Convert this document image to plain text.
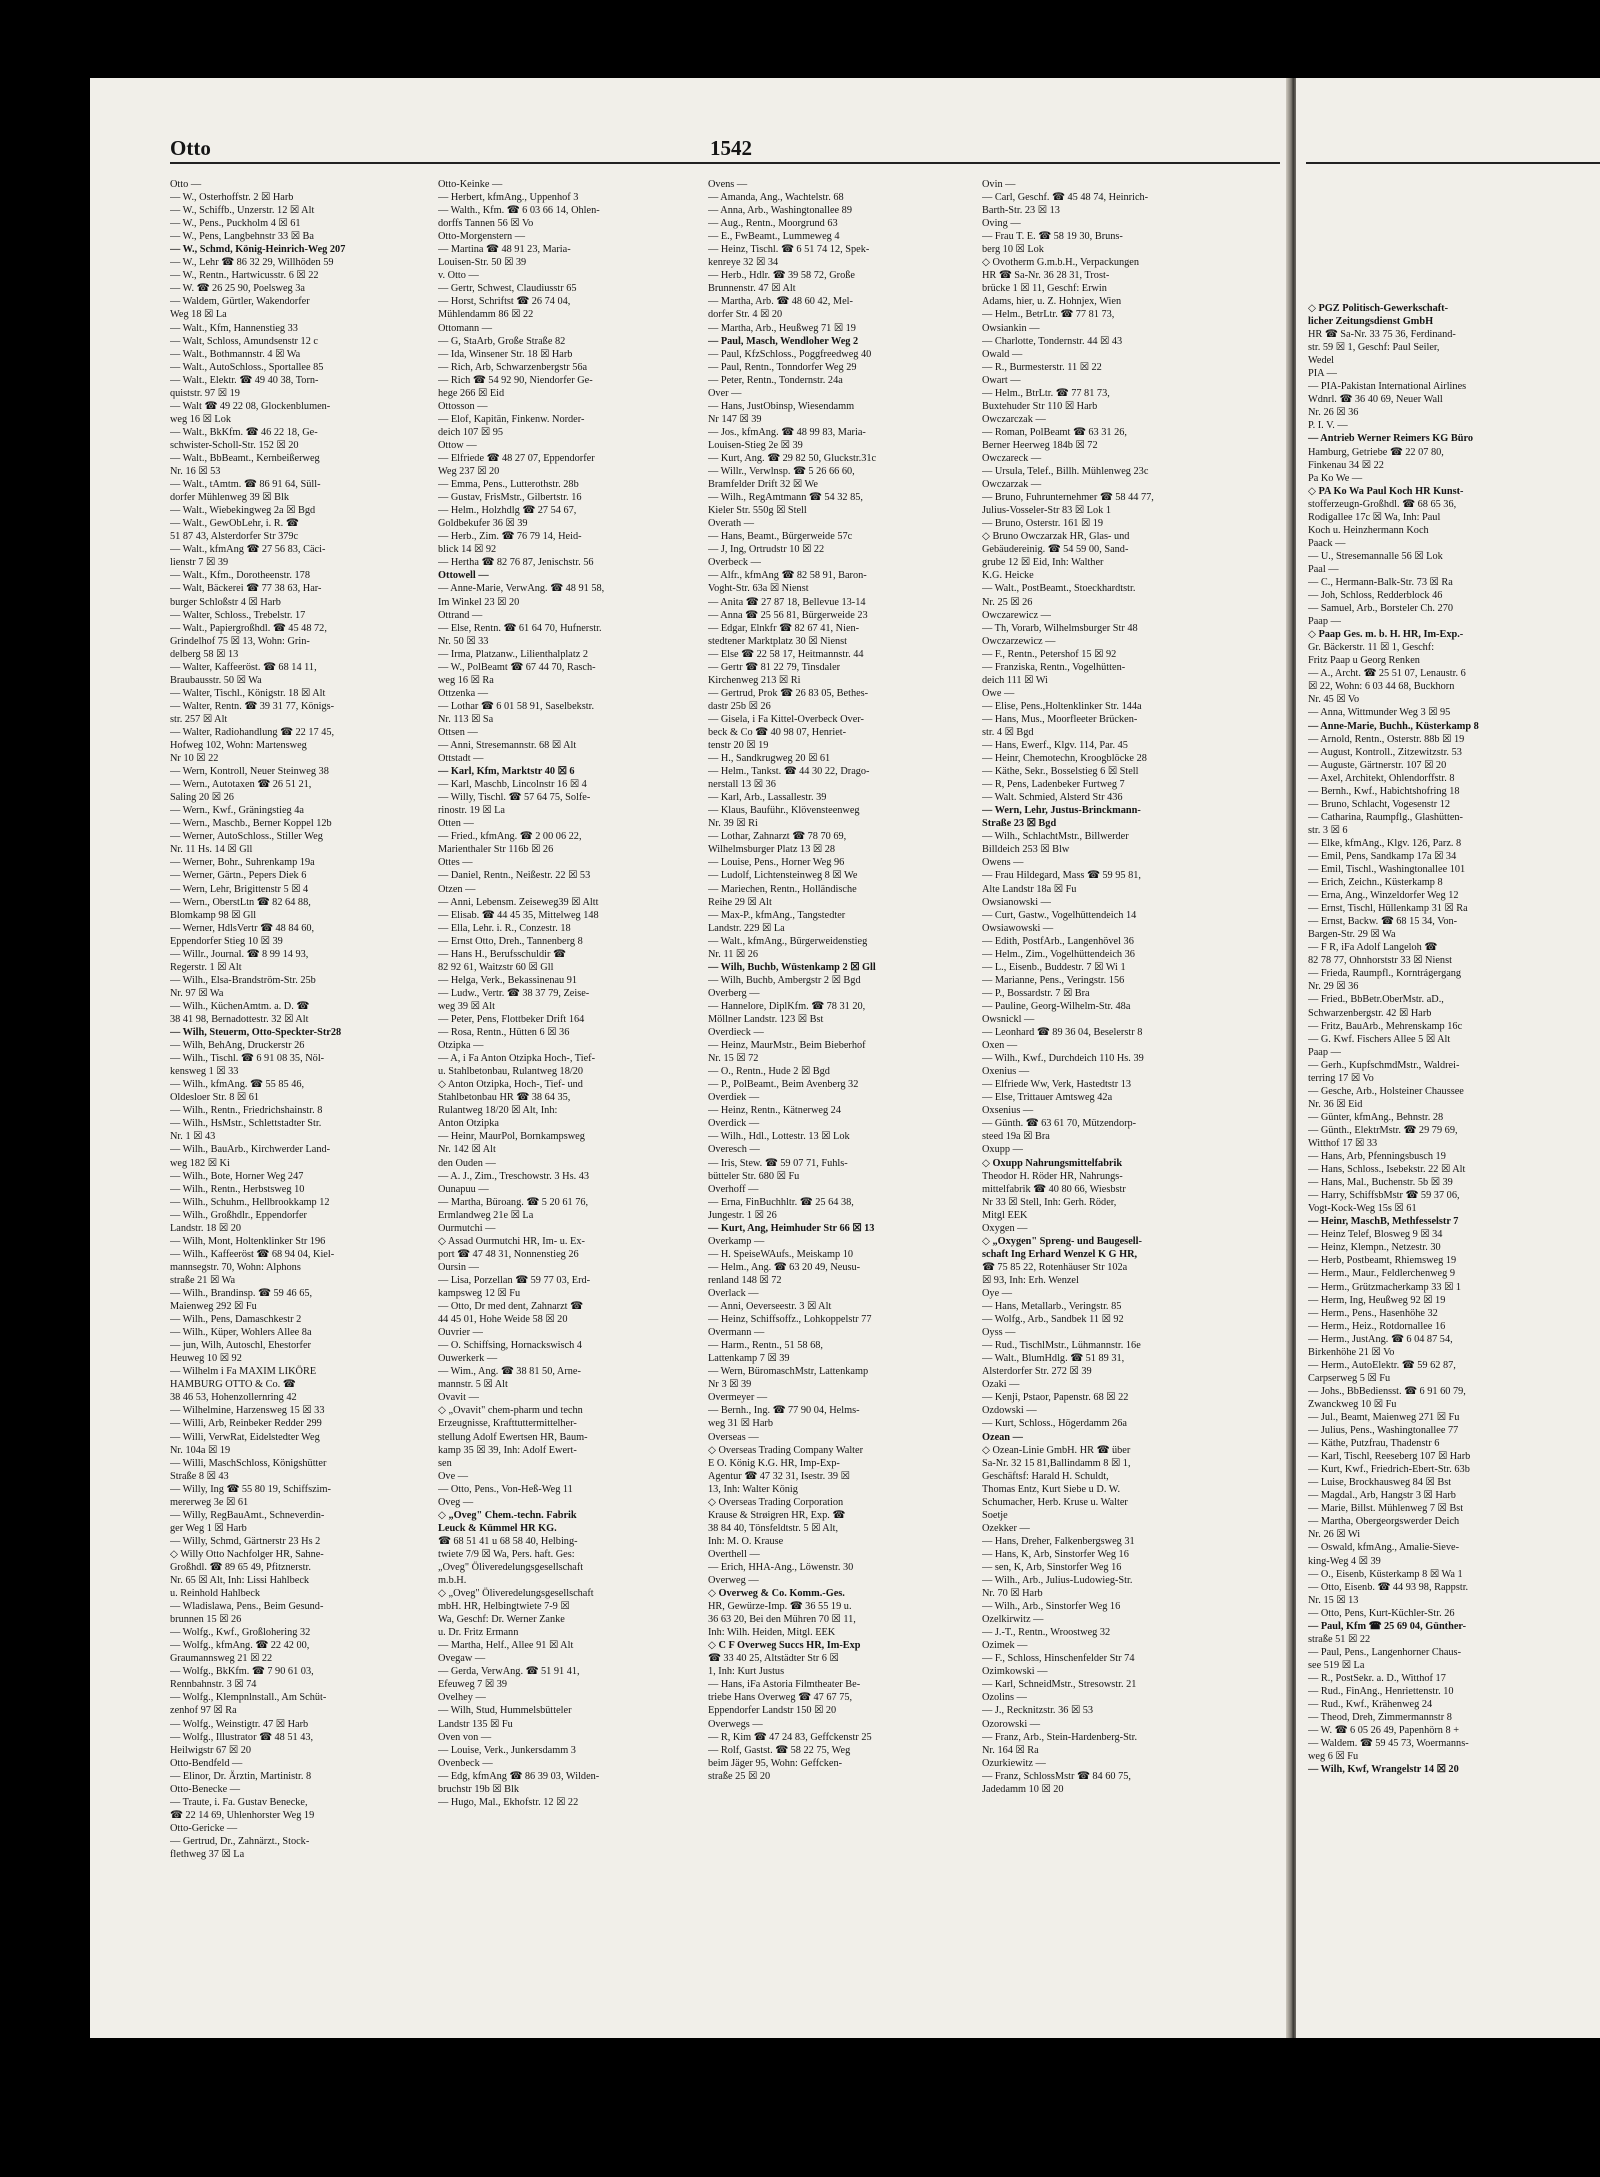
Otto	1542
Otto —
— W., Osterhoffstr. 2 ☒ Harb
— W., Schiffb., Unzerstr. 12 ☒ Alt
— W., Pens., Puckholm 4 ☒ 61
— W., Pens, Langbehnstr 33 ☒ Ba
— W., Schmd, König-Heinrich-Weg 207
— W., Lehr ☎ 86 32 29, Willhöden 59
— W., Rentn., Hartwicusstr. 6 ☒ 22
— W. ☎ 26 25 90, Poelsweg 3a
— Waldem, Gürtler, Wakendorfer
Weg 18 ☒ La
— Walt., Kfm, Hannenstieg 33
— Walt, Schloss, Amundsenstr 12 c
— Walt., Bothmannstr. 4 ☒ Wa
— Walt., AutoSchloss., Sportallee 85
— Walt., Elektr. ☎ 49 40 38, Torn-
quiststr. 97 ☒ 19
— Walt ☎ 49 22 08, Glockenblumen-
weg 16 ☒ Lok
— Walt., BkKfm. ☎ 46 22 18, Ge-
schwister-Scholl-Str. 152 ☒ 20
— Walt., BbBeamt., Kernbeißerweg
Nr. 16 ☒ 53
— Walt., tAmtm. ☎ 86 91 64, Süll-
dorfer Mühlenweg 39 ☒ Blk
— Walt., Wiebekingweg 2a ☒ Bgd
— Walt., GewObLehr, i. R. ☎
51 87 43, Alsterdorfer Str 379c
— Walt., kfmAng ☎ 27 56 83, Cäci-
lienstr 7 ☒ 39
— Walt., Kfm., Dorotheenstr. 178
— Walt, Bäckerei ☎ 77 38 63, Har-
burger Schloßstr 4 ☒ Harb
— Walter, Schloss., Trebelstr. 17
— Walt., Papiergroßhdl. ☎ 45 48 72,
Grindelhof 75 ☒ 13, Wohn: Grin-
delberg 58 ☒ 13
— Walter, Kaffeeröst. ☎ 68 14 11,
Braubausstr. 50 ☒ Wa
— Walter, Tischl., Königstr. 18 ☒ Alt
— Walter, Rentn. ☎ 39 31 77, Königs-
str. 257 ☒ Alt
— Walter, Radiohandlung ☎ 22 17 45,
Hofweg 102, Wohn: Martensweg
Nr 10 ☒ 22
— Wern, Kontroll, Neuer Steinweg 38
— Wern., Autotaxen ☎ 26 51 21,
Saling 20 ☒ 26
— Wern., Kwf., Gräningstieg 4a
— Wern., Maschb., Berner Koppel 12b
— Werner, AutoSchloss., Stiller Weg
Nr. 11 Hs. 14 ☒ Gll
— Werner, Bohr., Suhrenkamp 19a
— Werner, Gärtn., Pepers Diek 6
— Wern, Lehr, Brigittenstr 5 ☒ 4
— Wern., OberstLtn ☎ 82 64 88,
Blomkamp 98 ☒ Gll
— Werner, HdlsVertr ☎ 48 84 60,
Eppendorfer Stieg 10 ☒ 39
— Willr., Journal. ☎ 8 99 14 93,
Regerstr. 1 ☒ Alt
— Wilh., Elsa-Brandström-Str. 25b
Nr. 97 ☒ Wa
— Wilh., KüchenAmtm. a. D. ☎
38 41 98, Bernadottestr. 32 ☒ Alt
— Wilh, Steuerm, Otto-Speckter-Str28
— Wilh, BehAng, Druckerstr 26
— Wilh., Tischl. ☎ 6 91 08 35, Nöl-
kensweg 1 ☒ 33
— Wilh., kfmAng. ☎ 55 85 46,
Oldesloer Str. 8 ☒ 61
— Wilh., Rentn., Friedrichshainstr. 8
— Wilh., HsMstr., Schlettstadter Str.
Nr. 1 ☒ 43
— Wilh., BauArb., Kirchwerder Land-
weg 182 ☒ Ki
— Wilh., Bote, Horner Weg 247
— Wilh., Rentn., Herbstsweg 10
— Wilh., Schuhm., Hellbrookkamp 12
— Wilh., Großhdlr., Eppendorfer
Landstr. 18 ☒ 20
— Wilh, Mont, Holtenklinker Str 196
— Wilh., Kaffeeröst ☎ 68 94 04, Kiel-
mannsegstr. 70, Wohn: Alphons
straße 21 ☒ Wa
— Wilh., Brandinsp. ☎ 59 46 65,
Maienweg 292 ☒ Fu
— Wilh., Pens, Damaschkestr 2
— Wilh., Küper, Wohlers Allee 8a
— jun, Wilh, Autoschl, Ehestorfer
Heuweg 10 ☒ 92
— Wilhelm i Fa MAXIM LIKÖRE
HAMBURG OTTO & Co. ☎
38 46 53, Hohenzollernring 42
— Wilhelmine, Harzensweg 15 ☒ 33
— Willi, Arb, Reinbeker Redder 299
— Willi, VerwRat, Eidelstedter Weg
Nr. 104a ☒ 19
— Willi, MaschSchloss, Königshütter
Straße 8 ☒ 43
— Willy, Ing ☎ 55 80 19, Schiffszim-
mererweg 3e ☒ 61
— Willy, RegBauAmt., Schneverdin-
ger Weg 1 ☒ Harb
— Willy, Schmd, Gärtnerstr 23 Hs 2
◇ Willy Otto Nachfolger HR, Sahne-
Großhdl. ☎ 89 65 49, Pfitznerstr.
Nr. 65 ☒ Alt, Inh: Lissi Hahlbeck
u. Reinhold Hahlbeck
— Wladislawa, Pens., Beim Gesund-
brunnen 15 ☒ 26
— Wolfg., Kwf., Großlohering 32
— Wolfg., kfmAng. ☎ 22 42 00,
Graumannsweg 21 ☒ 22
— Wolfg., BkKfm. ☎ 7 90 61 03,
Rennbahnstr. 3 ☒ 74
— Wolfg., Klempnlnstall., Am Schüt-
zenhof 97 ☒ Ra
— Wolfg., Weinstigtr. 47 ☒ Harb
— Wolfg., Illustrator ☎ 48 51 43,
Heilwigstr 67 ☒ 20
Otto-Bendfeld —
— Elinor, Dr. Ärztin, Martinistr. 8
Otto-Benecke —
— Traute, i. Fa. Gustav Benecke,
☎ 22 14 69, Uhlenhorster Weg 19
Otto-Gericke —
— Gertrud, Dr., Zahnärzt., Stock-
flethweg 37 ☒ La
Otto-Keinke —
— Herbert, kfmAng., Uppenhof 3
— Walth., Kfm. ☎ 6 03 66 14, Ohlen-
dorffs Tannen 56 ☒ Vo
Otto-Morgenstern —
— Martina ☎ 48 91 23, Maria-
Louisen-Str. 50 ☒ 39
v. Otto —
— Gertr, Schwest, Claudiusstr 65
— Horst, Schriftst ☎ 26 74 04,
Mühlendamm 86 ☒ 22
Ottomann —
— G, StaArb, Große Straße 82
— Ida, Winsener Str. 18 ☒ Harb
— Rich, Arb, Schwarzenbergstr 56a
— Rich ☎ 54 92 90, Niendorfer Ge-
hege 266 ☒ Eid
Ottosson —
— Elof, Kapitän, Finkenw. Norder-
deich 107 ☒ 95
Ottow —
— Elfriede ☎ 48 27 07, Eppendorfer
Weg 237 ☒ 20
— Emma, Pens., Lutterothstr. 28b
— Gustav, FrisMstr., Gilbertstr. 16
— Helm., Holzhdlg ☎ 27 54 67,
Goldbekufer 36 ☒ 39
— Herb., Zim. ☎ 76 79 14, Heid-
blick 14 ☒ 92
— Hertha ☎ 82 76 87, Jenischstr. 56
Ottowell —
— Anne-Marie, VerwAng. ☎ 48 91 58,
Im Winkel 23 ☒ 20
Ottrand —
— Else, Rentn. ☎ 61 64 70, Hufnerstr.
Nr. 50 ☒ 33
— Irma, Platzanw., Lilienthalplatz 2
— W., PolBeamt ☎ 67 44 70, Rasch-
weg 16 ☒ Ra
Ottzenka —
— Lothar ☎ 6 01 58 91, Saselbekstr.
Nr. 113 ☒ Sa
Ottsen —
— Anni, Stresemannstr. 68 ☒ Alt
Ottstadt —
— Karl, Kfm, Marktstr 40 ☒ 6
— Karl, Maschb, Lincolnstr 16 ☒ 4
— Willy, Tischl. ☎ 57 64 75, Solfe-
rinostr. 19 ☒ La
Otten —
— Fried., kfmAng. ☎ 2 00 06 22,
Marienthaler Str 116b ☒ 26
Ottes —
— Daniel, Rentn., Neißestr. 22 ☒ 53
Otzen —
— Anni, Lebensm. Zeiseweg39 ☒ Altt
— Elisab. ☎ 44 45 35, Mittelweg 148
— Ella, Lehr. i. R., Conzestr. 18
— Ernst Otto, Dreh., Tannenberg 8
— Hans H., Berufsschuldir ☎
82 92 61, Waitzstr 60 ☒ Gll
— Helga, Verk., Bekassinenau 91
— Ludw., Vertr. ☎ 38 37 79, Zeise-
weg 39 ☒ Alt
— Peter, Pens, Flottbeker Drift 164
— Rosa, Rentn., Hütten 6 ☒ 36
Otzipka —
— A, i Fa Anton Otzipka Hoch-, Tief-
u. Stahlbetonbau, Rulantweg 18/20
◇ Anton Otzipka, Hoch-, Tief- und
Stahlbetonbau HR ☎ 38 64 35,
Rulantweg 18/20 ☒ Alt, Inh:
Anton Otzipka
— Heinr, MaurPol, Bornkampsweg
Nr. 142 ☒ Alt
den Ouden —
— A. J., Zim., Treschowstr. 3 Hs. 43
Ounapuu —
— Martha, Büroang. ☎ 5 20 61 76,
Ermlandweg 21e ☒ La
Ourmutchi —
◇ Assad Ourmutchi HR, Im- u. Ex-
port ☎ 47 48 31, Nonnenstieg 26
Oursin —
— Lisa, Porzellan ☎ 59 77 03, Erd-
kampsweg 12 ☒ Fu
— Otto, Dr med dent, Zahnarzt ☎
44 45 01, Hohe Weide 58 ☒ 20
Ouvrier —
— O. Schiffsing, Hornackswisch 4
Ouwerkerk —
— Wim., Ang. ☎ 38 81 50, Arne-
mannstr. 5 ☒ Alt
Ovavit —
◇ „Ovavit" chem-pharm und techn
Erzeugnisse, Krafttuttermittelher-
stellung Adolf Ewertsen HR, Baum-
kamp 35 ☒ 39, Inh: Adolf Ewert-
sen
Ove —
— Otto, Pens., Von-Heß-Weg 11
Oveg —
◇ „Oveg" Chem.-techn. Fabrik
Leuck & Kümmel HR KG.
☎ 68 51 41 u 68 58 40, Helbing-
twiete 7/9 ☒ Wa, Pers. haft. Ges:
„Oveg" Öliveredelungsgesellschaft
m.b.H.
◇ „Oveg" Öliveredelungsgesellschaft
mbH. HR, Helbingtwiete 7-9 ☒
Wa, Geschf: Dr. Werner Zanke
u. Dr. Fritz Ermann
— Martha, Helf., Allee 91 ☒ Alt
Ovegaw —
— Gerda, VerwAng. ☎ 51 91 41,
Efeuweg 7 ☒ 39
Ovelhey —
— Wilh, Stud, Hummelsbütteler
Landstr 135 ☒ Fu
Oven von —
— Louise, Verk., Junkersdamm 3
Ovenbeck —
— Edg, kfmAng ☎ 86 39 03, Wilden-
bruchstr 19b ☒ Blk
— Hugo, Mal., Ekhofstr. 12 ☒ 22
Ovens —
— Amanda, Ang., Wachtelstr. 68
— Anna, Arb., Washingtonallee 89
— Aug., Rentn., Moorgrund 63
— E., FwBeamt., Lummeweg 4
— Heinz, Tischl. ☎ 6 51 74 12, Spek-
kenreye 32 ☒ 34
— Herb., Hdlr. ☎ 39 58 72, Große
Brunnenstr. 47 ☒ Alt
— Martha, Arb. ☎ 48 60 42, Mel-
dorfer Str. 4 ☒ 20
— Martha, Arb., Heußweg 71 ☒ 19
— Paul, Masch, Wendloher Weg 2
— Paul, KfzSchloss., Poggfreedweg 40
— Paul, Rentn., Tonndorfer Weg 29
— Peter, Rentn., Tondernstr. 24a
Over —
— Hans, JustObinsp, Wiesendamm
Nr 147 ☒ 39
— Jos., kfmAng. ☎ 48 99 83, Maria-
Louisen-Stieg 2e ☒ 39
— Kurt, Ang. ☎ 29 82 50, Gluckstr.31c
— Willr., Verwlnsp. ☎ 5 26 66 60,
Bramfelder Drift 32 ☒ We
— Wilh., RegAmtmann ☎ 54 32 85,
Kieler Str. 550g ☒ Stell
Overath —
— Hans, Beamt., Bürgerweide 57c
— J, Ing, Ortrudstr 10 ☒ 22
Overbeck —
— Alfr., kfmAng ☎ 82 58 91, Baron-
Voght-Str. 63a ☒ Nienst
— Anita ☎ 27 87 18, Bellevue 13-14
— Anna ☎ 25 56 81, Bürgerweide 23
— Edgar, Elnkfr ☎ 82 67 41, Nien-
stedtener Marktplatz 30 ☒ Nienst
— Else ☎ 22 58 17, Heitmannstr. 44
— Gertr ☎ 81 22 79, Tinsdaler
Kirchenweg 213 ☒ Ri
— Gertrud, Prok ☎ 26 83 05, Bethes-
dastr 25b ☒ 26
— Gisela, i Fa Kittel-Overbeck Over-
beck & Co ☎ 40 98 07, Henriet-
tenstr 20 ☒ 19
— H., Sandkrugweg 20 ☒ 61
— Helm., Tankst. ☎ 44 30 22, Drago-
nerstall 13 ☒ 36
— Karl, Arb., Lassallestr. 39
— Klaus, Bauführ., Klövensteenweg
Nr. 39 ☒ Ri
— Lothar, Zahnarzt ☎ 78 70 69,
Wilhelmsburger Platz 13 ☒ 28
— Louise, Pens., Horner Weg 96
— Ludolf, Lichtensteinweg 8 ☒ We
— Mariechen, Rentn., Holländische
Reihe 29 ☒ Alt
— Max-P., kfmAng., Tangstedter
Landstr. 229 ☒ La
— Walt., kfmAng., Bürgerweidenstieg
Nr. 11 ☒ 26
— Wilh, Buchb, Wüstenkamp 2 ☒ Gll
— Wilh, Buchb, Ambergstr 2 ☒ Bgd
Overberg —
— Hannelore, DiplKfm. ☎ 78 31 20,
Möllner Landstr. 123 ☒ Bst
Overdieck —
— Heinz, MaurMstr., Beim Bieberhof
Nr. 15 ☒ 72
— O., Rentn., Hude 2 ☒ Bgd
— P., PolBeamt., Beim Avenberg 32
Overdiek —
— Heinz, Rentn., Kätnerweg 24
Overdick —
— Wilh., Hdl., Lottestr. 13 ☒ Lok
Overesch —
— Iris, Stew. ☎ 59 07 71, Fuhls-
bütteler Str. 680 ☒ Fu
Overhoff —
— Erna, FinBuchhltr. ☎ 25 64 38,
Jungestr. 1 ☒ 26
— Kurt, Ang, Heimhuder Str 66 ☒ 13
Overkamp —
— H. SpeiseWAufs., Meiskamp 10
— Helm., Ang. ☎ 63 20 49, Neusu-
renland 148 ☒ 72
Overlack —
— Anni, Oeverseestr. 3 ☒ Alt
— Heinz, Schiffsoffz., Lohkoppelstr 77
Overmann —
— Harm., Rentn., 51 58 68,
Lattenkamp 7 ☒ 39
— Wern, BüromaschMstr, Lattenkamp
Nr 3 ☒ 39
Overmeyer —
— Bernh., Ing. ☎ 77 90 04, Helms-
weg 31 ☒ Harb
Overseas —
◇ Overseas Trading Company Walter
E O. König K.G. HR, Imp-Exp-
Agentur ☎ 47 32 31, Isestr. 39 ☒
13, Inh: Walter König
◇ Overseas Trading Corporation
Krause & Strøigren HR, Exp. ☎
38 84 40, Tönsfeldtstr. 5 ☒ Alt,
Inh: M. O. Krause
Overthell —
— Erich, HHA-Ang., Löwenstr. 30
Overweg —
◇ Overweg & Co. Komm.-Ges.
HR, Gewürze-Imp. ☎ 36 55 19 u.
36 63 20, Bei den Mühren 70 ☒ 11,
Inh: Wilh. Heiden, Mitgl. EEK
◇ C F Overweg Succs HR, Im-Exp
☎ 33 40 25, Altstädter Str 6 ☒
1, Inh: Kurt Justus
— Hans, iFa Astoria Filmtheater Be-
triebe Hans Overweg ☎ 47 67 75,
Eppendorfer Landstr 150 ☒ 20
Overwegs —
— R, Kim ☎ 47 24 83, Geffckenstr 25
— Rolf, Gastst. ☎ 58 22 75, Weg
beim Jäger 95, Wohn: Geffcken-
straße 25 ☒ 20
Ovin —
— Carl, Geschf. ☎ 45 48 74, Heinrich-
Barth-Str. 23 ☒ 13
Oving —
— Frau T. E. ☎ 58 19 30, Bruns-
berg 10 ☒ Lok
◇ Ovotherm G.m.b.H., Verpackungen
HR ☎ Sa-Nr. 36 28 31, Trost-
brücke 1 ☒ 11, Geschf: Erwin
Adams, hier, u. Z. Hohnjex, Wien
— Helm., BetrLtr. ☎ 77 81 73,
Owsiankin —
— Charlotte, Tondernstr. 44 ☒ 43
Owald —
— R., Burmesterstr. 11 ☒ 22
Owart —
— Helm., BtrLtr. ☎ 77 81 73,
Buxtehuder Str 110 ☒ Harb
Owczarczak —
— Roman, PolBeamt ☎ 63 31 26,
Berner Heerweg 184b ☒ 72
Owczareck —
— Ursula, Telef., Billh. Mühlenweg 23c
Owczarzak —
— Bruno, Fuhrunternehmer ☎ 58 44 77,
Julius-Vosseler-Str 83 ☒ Lok 1
— Bruno, Osterstr. 161 ☒ 19
◇ Bruno Owczarzak HR, Glas- und
Gebäudereinig. ☎ 54 59 00, Sand-
grube 12 ☒ Eid, Inh: Walther
K.G. Heicke
— Walt., PostBeamt., Stoeckhardtstr.
Nr. 25 ☒ 26
Owczarewicz —
— Th, Vorarb, Wilhelmsburger Str 48
Owczarzewicz —
— F., Rentn., Petershof 15 ☒ 92
— Franziska, Rentn., Vogelhütten-
deich 111 ☒ Wi
Owe —
— Elise, Pens.,Holtenklinker Str. 144a
— Hans, Mus., Moorfleeter Brücken-
str. 4 ☒ Bgd
— Hans, Ewerf., Klgv. 114, Par. 45
— Heinr, Chemotechn, Kroogblöcke 28
— Käthe, Sekr., Bosselstieg 6 ☒ Stell
— R, Pens, Ladenbeker Furtweg 7
— Walt. Schmied, Alsterd Str 436
— Wern, Lehr, Justus-Brinckmann-
Straße 23 ☒ Bgd
— Wilh., SchlachtMstr., Billwerder
Billdeich 253 ☒ Blw
Owens —
— Frau Hildegard, Mass ☎ 59 95 81,
Alte Landstr 18a ☒ Fu
Owsianowski —
— Curt, Gastw., Vogelhüttendeich 14
Owsiawowski —
— Edith, PostfArb., Langenhövel 36
— Helm., Zim., Vogelhüttendeich 36
— L., Eisenb., Buddestr. 7 ☒ Wi 1
— Marianne, Pens., Veringstr. 156
— P., Bossardstr. 7 ☒ Bra
— Pauline, Georg-Wilhelm-Str. 48a
Owsnickl —
— Leonhard ☎ 89 36 04, Beselerstr 8
Oxen —
— Wilh., Kwf., Durchdeich 110 Hs. 39
Oxenius —
— Elfriede Ww, Verk, Hastedtstr 13
— Else, Trittauer Amtsweg 42a
Oxsenius —
— Günth. ☎ 63 61 70, Mützendorp-
steed 19a ☒ Bra
Oxupp —
◇ Oxupp Nahrungsmittelfabrik
Theodor H. Röder HR, Nahrungs-
mittelfabrik ☎ 40 80 66, Wiesbstr
Nr 33 ☒ Stell, Inh: Gerh. Röder,
Mitgl EEK
Oxygen —
◇ „Oxygen" Spreng- und Baugesell-
schaft Ing Erhard Wenzel K G HR,
☎ 75 85 22, Rotenhäuser Str 102a
☒ 93, Inh: Erh. Wenzel
Oye —
— Hans, Metallarb., Veringstr. 85
— Wolfg., Arb., Sandbek 11 ☒ 92
Oyss —
— Rud., TischlMstr., Lühmannstr. 16e
— Walt., BlumHdlg. ☎ 51 89 31,
Alsterdorfer Str. 272 ☒ 39
Ozaki —
— Kenji, Pstaor, Papenstr. 68 ☒ 22
Ozdowski —
— Kurt, Schloss., Högerdamm 26a
Ozean —
◇ Ozean-Linie GmbH. HR ☎ über
Sa-Nr. 32 15 81,Ballindamm 8 ☒ 1,
Geschäftsf: Harald H. Schuldt,
Thomas Entz, Kurt Siebe u D. W.
Schumacher, Herb. Kruse u. Walter
Soetje
Ozekker —
— Hans, Dreher, Falkenbergsweg 31
— Hans, K, Arb, Sinstorfer Weg 16
— sen, K, Arb, Sinstorfer Weg 16
— Wilh., Arb., Julius-Ludowieg-Str.
Nr. 70 ☒ Harb
— Wilh., Arb., Sinstorfer Weg 16
Ozelkirwitz —
— J.-T., Rentn., Wroostweg 32
Ozimek —
— F., Schloss, Hinschenfelder Str 74
Ozimkowski —
— Karl, SchneidMstr., Stresowstr. 21
Ozolins —
— J., Recknitzstr. 36 ☒ 53
Ozorowski —
— Franz, Arb., Stein-Hardenberg-Str.
Nr. 164 ☒ Ra
Ozurkiewitz —
— Franz, SchlossMstr ☎ 84 60 75,
Jadedamm 10 ☒ 20
◇ PGZ Politisch-Gewerkschaft-
licher Zeitungsdienst GmbH
HR ☎ Sa-Nr. 33 75 36, Ferdinand-
str. 59 ☒ 1, Geschf: Paul Seiler,
Wedel
PIA —
— PIA-Pakistan International Airlines
Wdnrl. ☎ 36 40 69, Neuer Wall
Nr. 26 ☒ 36
P. I. V. —
— Antrieb Werner Reimers KG Büro
Hamburg, Getriebe ☎ 22 07 80,
Finkenau 34 ☒ 22
Pa Ko We —
◇ PA Ko Wa Paul Koch HR Kunst-
stofferzeugn-Großhdl. ☎ 68 65 36,
Rodigallee 17c ☒ Wa, Inh: Paul
Koch u. Heinzhermann Koch
Paack —
— U., Stresemannalle 56 ☒ Lok
Paal —
— C., Hermann-Balk-Str. 73 ☒ Ra
— Joh, Schloss, Redderblock 46
— Samuel, Arb., Borsteler Ch. 270
Paap —
◇ Paap Ges. m. b. H. HR, Im-Exp.-
Gr. Bäckerstr. 11 ☒ 1, Geschf:
Fritz Paap u Georg Renken
— A., Archt. ☎ 25 51 07, Lenaustr. 6
☒ 22, Wohn: 6 03 44 68, Buckhorn
Nr. 45 ☒ Vo
— Anna, Wittmunder Weg 3 ☒ 95
— Anne-Marie, Buchh., Küsterkamp 8
— Arnold, Rentn., Osterstr. 88b ☒ 19
— August, Kontroll., Zitzewitzstr. 53
— Auguste, Gärtnerstr. 107 ☒ 20
— Axel, Architekt, Ohlendorffstr. 8
— Bernh., Kwf., Habichtshofring 18
— Bruno, Schlacht, Vogesenstr 12
— Catharina, Raumpflg., Glashütten-
str. 3 ☒ 6
— Elke, kfmAng., Klgv. 126, Parz. 8
— Emil, Pens, Sandkamp 17a ☒ 34
— Emil, Tischl., Washingtonallee 101
— Erich, Zeichn., Küsterkamp 8
— Erna, Ang., Winzeldorfer Weg 12
— Ernst, Tischl, Hüllenkamp 31 ☒ Ra
— Ernst, Backw. ☎ 68 15 34, Von-
Bargen-Str. 29 ☒ Wa
— F R, iFa Adolf Langeloh ☎
82 78 77, Ohnhorststr 33 ☒ Nienst
— Frieda, Raumpfl., Korntrágergang
Nr. 29 ☒ 36
— Fried., BbBetr.OberMstr. aD.,
Schwarzenbergstr. 42 ☒ Harb
— Fritz, BauArb., Mehrenskamp 16c
— G. Kwf. Fischers Allee 5 ☒ Alt
Paap —
— Gerh., KupfschmdMstr., Waldrei-
terring 17 ☒ Vo
— Gesche, Arb., Holsteiner Chaussee
Nr. 36 ☒ Eid
— Günter, kfmAng., Behnstr. 28
— Günth., ElektrMstr. ☎ 29 79 69,
Witthof 17 ☒ 33
— Hans, Arb, Pfenningsbusch 19
— Hans, Schloss., Isebekstr. 22 ☒ Alt
— Hans, Mal., Buchenstr. 5b ☒ 39
— Harry, SchiffsbMstr ☎ 59 37 06,
Vogt-Kock-Weg 15s ☒ 61
— Heinr, MaschB, Methfesselstr 7
— Heinz Telef, Blosweg 9 ☒ 34
— Heinz, Klempn., Netzestr. 30
— Herb, Postbeamt, Rhiemsweg 19
— Herm., Maur., Feldlerchenweg 9
— Herm., Grützmacherkamp 33 ☒ 1
— Herm, Ing, Heußweg 92 ☒ 19
— Herm., Pens., Hasenhöhe 32
— Herm., Heiz., Rotdornallee 16
— Herm., JustAng. ☎ 6 04 87 54,
Birkenhöhe 21 ☒ Vo
— Herm., AutoElektr. ☎ 59 62 87,
Carpserweg 5 ☒ Fu
— Johs., BbBediensst. ☎ 6 91 60 79,
Zwanckweg 10 ☒ Fu
— Jul., Beamt, Maienweg 271 ☒ Fu
— Julius, Pens., Washingtonallee 77
— Käthe, Putzfrau, Thadenstr 6
— Karl, Tischl, Reeseberg 107 ☒ Harb
— Kurt, Kwf., Friedrich-Ebert-Str. 63b
— Luise, Brockhausweg 84 ☒ Bst
— Magdal., Arb, Hangstr 3 ☒ Harb
— Marie, Billst. Mühlenweg 7 ☒ Bst
— Martha, Obergeorgswerder Deich
Nr. 26 ☒ Wi
— Oswald, kfmAng., Amalie-Sieve-
king-Weg 4 ☒ 39
— O., Eisenb, Küsterkamp 8 ☒ Wa 1
— Otto, Eisenb. ☎ 44 93 98, Rappstr.
Nr. 15 ☒ 13
— Otto, Pens, Kurt-Küchler-Str. 26
— Paul, Kfm ☎ 25 69 04, Günther-
straße 51 ☒ 22
— Paul, Pens., Langenhorner Chaus-
see 519 ☒ La
— R., PostSekr. a. D., Witthof 17
— Rud., FinAng., Henriettenstr. 10
— Rud., Kwf., Krähenweg 24
— Theod, Dreh, Zimmermannstr 8
— W. ☎ 6 05 26 49, Papenhörn 8 +
— Waldem. ☎ 59 45 73, Woermanns-
weg 6 ☒ Fu
— Wilh, Kwf, Wrangelstr 14 ☒ 20
